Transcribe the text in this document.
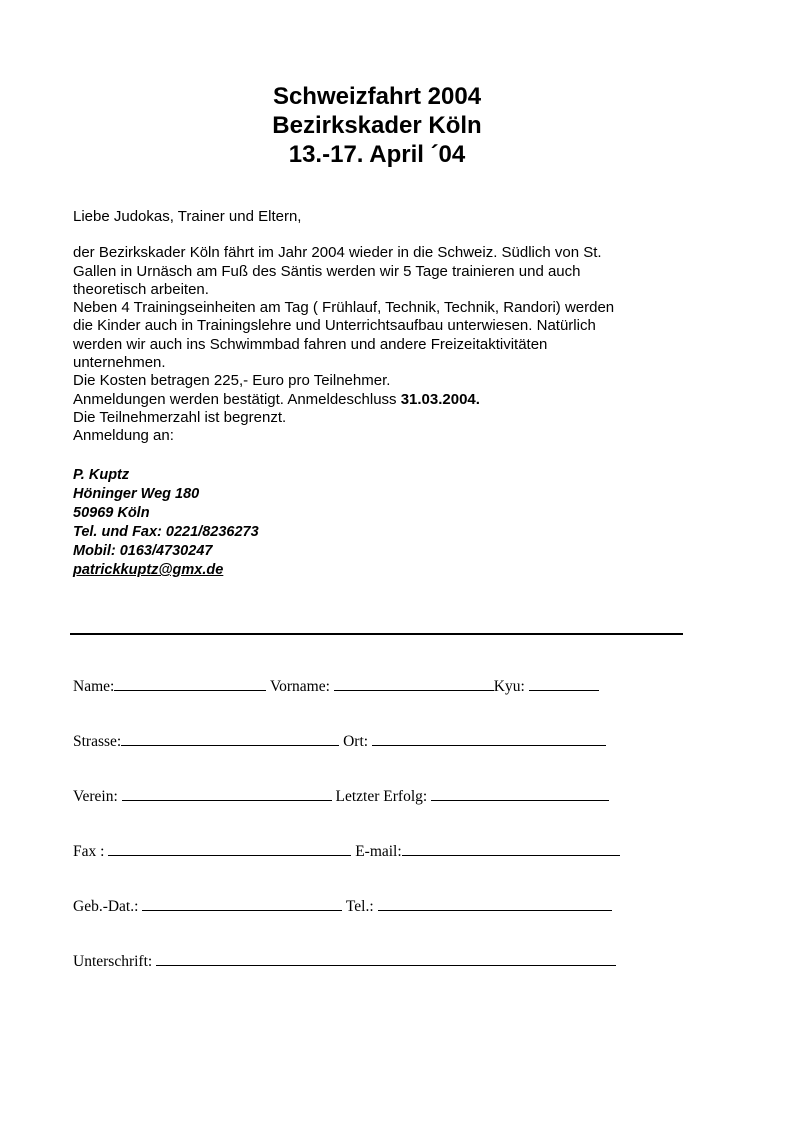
Schweizfahrt 2004
Bezirkskader Köln
13.-17. April ´04

Liebe Judokas, Trainer und Eltern,

der Bezirkskader Köln fährt im Jahr 2004 wieder in die Schweiz. Südlich von St.

Gallen in Urnäsch am Fuß des Säntis werden wir 5 Tage trainieren und auch

theoretisch arbeiten.

Neben 4 Trainingseinheiten am Tag ( Frühlauf, Technik, Technik, Randori) werden

die Kinder auch in Trainingslehre und Unterrichtsaufbau unterwiesen. Natürlich

werden wir auch ins Schwimmbad fahren und andere Freizeitaktivitäten

unternehmen.

Die Kosten betragen 225,- Euro pro Teilnehmer.

Anmeldungen werden bestätigt. Anmeldeschluss 31.03.2004.

Die Teilnehmerzahl ist begrenzt.

Anmeldung an:

P. Kuptz
Höninger Weg 180
50969 Köln
Tel. und Fax: 0221/8236273
Mobil: 0163/4730247
patrickkuptz@gmx.de
Name:	Vorname:	Kyu:
Strasse:	Ort:
Verein:	Letzter Erfolg:
Fax :	E-mail:
Geb.-Dat.:	Tel.:
Unterschrift:
